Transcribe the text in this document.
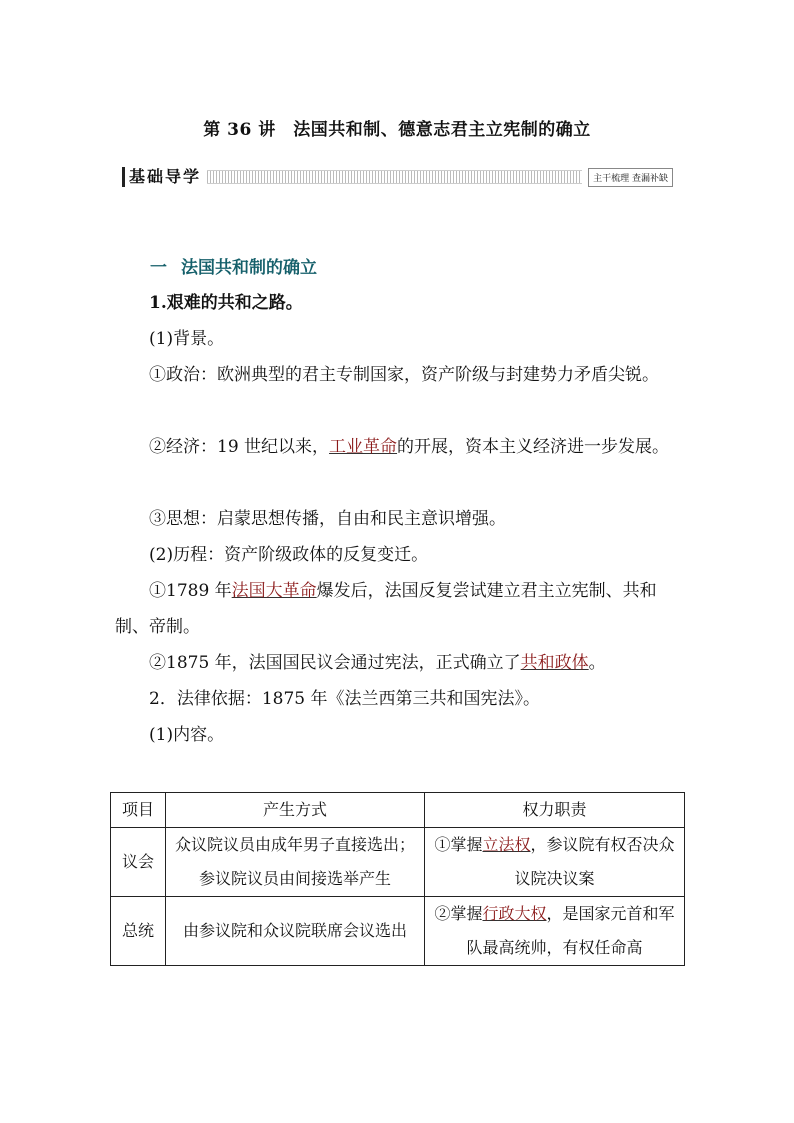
第 36 讲　法国共和制、德意志君主立宪制的确立
基础导学	主干梳理 查漏补缺
一 法国共和制的确立
1.艰难的共和之路。
(1)背景。
①政治：欧洲典型的君主专制国家，资产阶级与封建势力矛盾尖锐。
②经济：19 世纪以来，工业革命的开展，资本主义经济进一步发展。
③思想：启蒙思想传播，自由和民主意识增强。
(2)历程：资产阶级政体的反复变迁。
①1789 年法国大革命爆发后，法国反复尝试建立君主立宪制、共和制、帝制。
②1875 年，法国国民议会通过宪法，正式确立了共和政体。
2．法律依据：1875 年《法兰西第三共和国宪法》。
(1)内容。
项目	产生方式	权力职责
议会	众议院议员由成年男子直接选出；参议院议员由间接选举产生	①掌握立法权，参议院有权否决众议院决议案
总统	由参议院和众议院联席会议选出	②掌握行政大权，是国家元首和军队最高统帅，有权任命高
